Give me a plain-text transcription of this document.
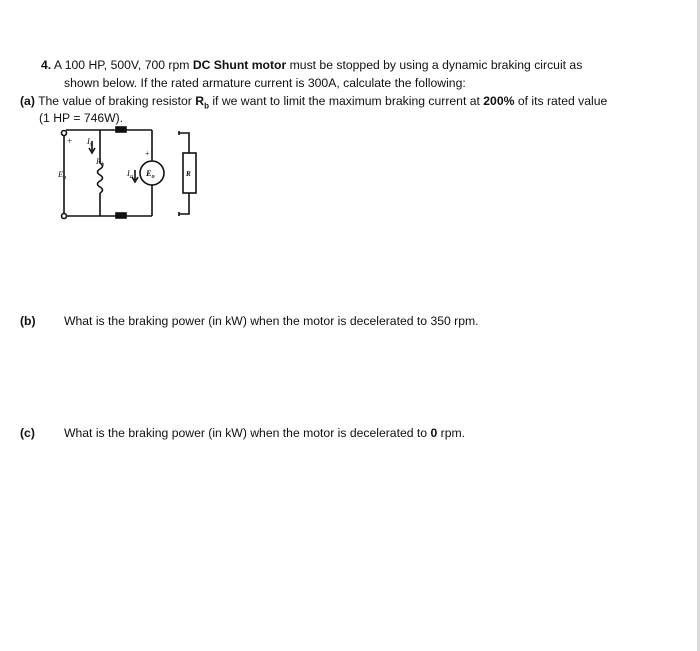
4. A 100 HP, 500V, 700 rpm DC Shunt motor must be stopped by using a dynamic braking circuit as
shown below. If the rated armature current is 300A, calculate the following:
(a) The value of braking resistor $R_b$ if we want to limit the maximum braking current at 200% of its rated value
(1 HP = 746W).
+ $I_x$
$R_b$
$E_a$	$I_a$
+
$E_o$	R
(b) What is the braking power (in kW) when the motor is decelerated to 350 rpm.
(c) What is the braking power (in kW) when the motor is decelerated to 0 rpm.
